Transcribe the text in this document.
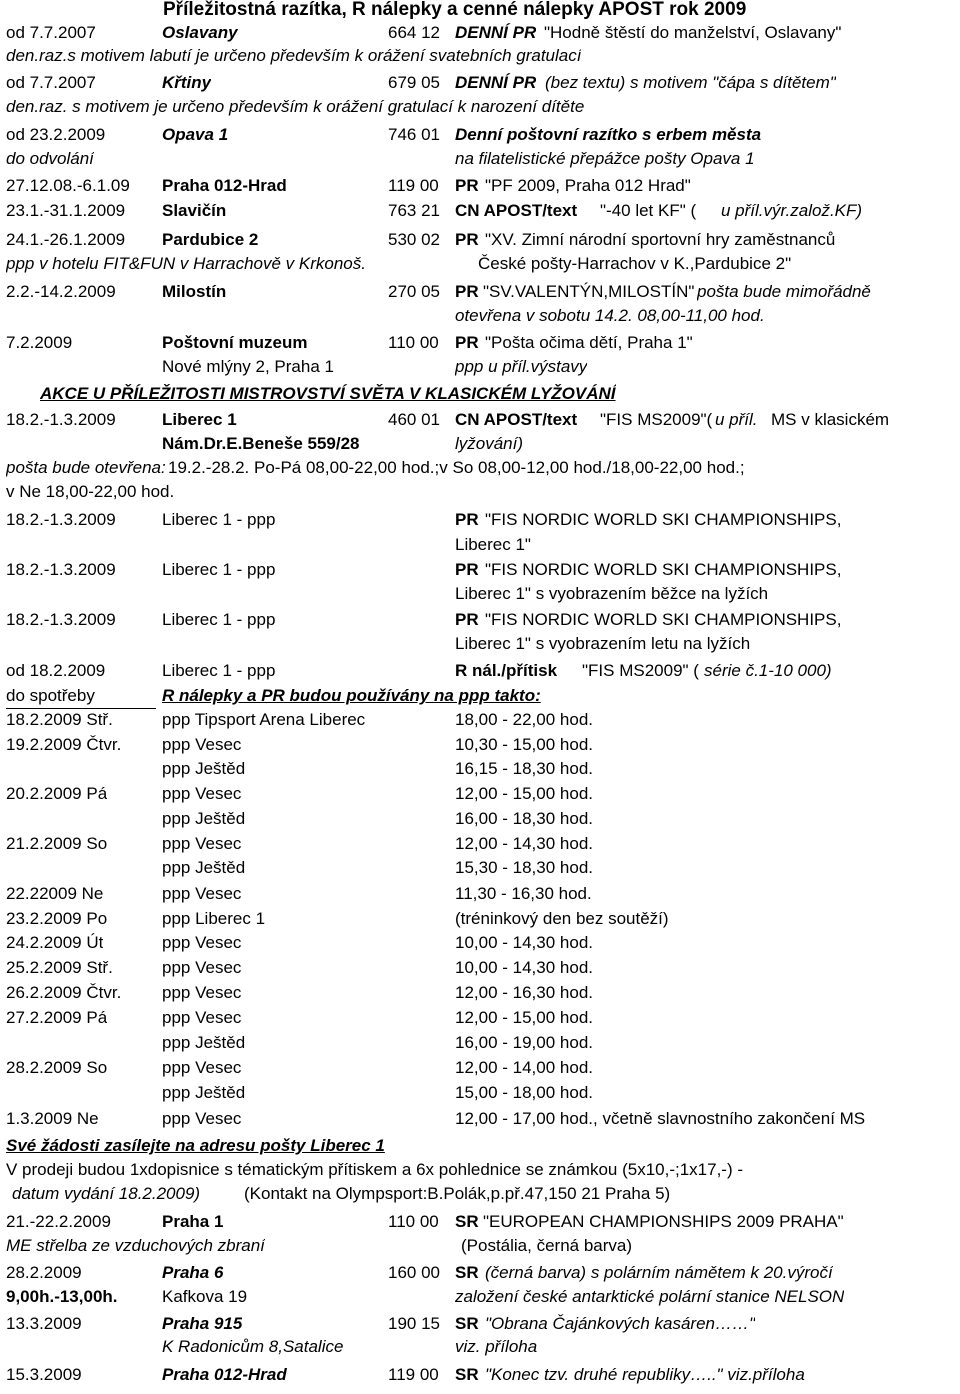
Příležitostná razítka, R nálepky a cenné nálepky APOST rok 2009
od 7.7.2007	Oslavany	664 12 DENNÍ PR "Hodně štěstí do manželství, Oslavany"
den.raz.s motivem labutí je určeno především k orážení svatebních gratulací
od 7.7.2007	Křtiny	679 05 DENNÍ PR (bez textu) s motivem "čápa s dítětem"
den.raz. s motivem je určeno především k orážení gratulací k narození dítěte
od 23.2.2009	Opava 1	746 01 Denní poštovní razítko s erbem města
do odvolání	na filatelistické přepážce pošty Opava 1
27.12.08.-6.1.09 Praha 012-Hrad	119 00 PR "PF 2009, Praha 012 Hrad"
23.1.-31.1.2009 Slavičín	763 21 CN APOST/text "-40 let KF" ( u příl.výr.založ.KF)
24.1.-26.1.2009 Pardubice 2	530 02 PR "XV. Zimní národní sportovní hry zaměstnanců
ppp v hotelu FIT&FUN v Harrachově v Krkonoš.	České pošty-Harrachov v K.,Pardubice 2"
2.2.-14.2.2009	Milostín	270 05 PR "SV.VALENTÝN,MILOSTÍN" pošta bude mimořádně
otevřena v sobotu 14.2. 08,00-11,00 hod.
7.2.2009	Poštovní muzeum	110 00 PR "Pošta očima dětí, Praha 1"
Nové mlýny 2, Praha 1	ppp u příl.výstavy
AKCE U PŘÍLEŽITOSTI MISTROVSTVÍ SVĚTA V KLASICKÉM LYŽOVÁNÍ
18.2.-1.3.2009	Liberec 1	460 01 CN APOST/text "FIS MS2009"( u příl. MS v klasickém
Nám.Dr.E.Beneše 559/28	lyžování)
pošta bude otevřena: 19.2.-28.2. Po-Pá 08,00-22,00 hod.;v So 08,00-12,00 hod./18,00-22,00 hod.;
v Ne 18,00-22,00 hod.
18.2.-1.3.2009	Liberec 1 - ppp	PR "FIS NORDIC WORLD SKI CHAMPIONSHIPS,
Liberec 1"
18.2.-1.3.2009	Liberec 1 - ppp	PR "FIS NORDIC WORLD SKI CHAMPIONSHIPS,
Liberec 1" s vyobrazením běžce na lyžích
18.2.-1.3.2009	Liberec 1 - ppp	PR "FIS NORDIC WORLD SKI CHAMPIONSHIPS,
Liberec 1" s vyobrazením letu na lyžích
od 18.2.2009	Liberec 1 - ppp	R nál./přítisk "FIS MS2009" ( série č.1-10 000)
do spotřeby	R nálepky a PR budou používány na ppp takto:
18.2.2009 Stř.	ppp Tipsport Arena Liberec	18,00 - 22,00 hod.
19.2.2009 Čtvr. ppp Vesec	10,30 - 15,00 hod.
ppp Ještěd	16,15 - 18,30 hod.
20.2.2009 Pá	ppp Vesec	12,00 - 15,00 hod.
ppp Ještěd	16,00 - 18,30 hod.
21.2.2009 So	ppp Vesec	12,00 - 14,30 hod.
ppp Ještěd	15,30 - 18,30 hod.
22.22009 Ne	ppp Vesec	11,30 - 16,30 hod.
23.2.2009 Po	ppp Liberec 1	(tréninkový den bez soutěží)
24.2.2009 Út	ppp Vesec	10,00 - 14,30 hod.
25.2.2009 Stř.	ppp Vesec	10,00 - 14,30 hod.
26.2.2009 Čtvr. ppp Vesec	12,00 - 16,30 hod.
27.2.2009 Pá	ppp Vesec	12,00 - 15,00 hod.
ppp Ještěd	16,00 - 19,00 hod.
28.2.2009 So	ppp Vesec	12,00 - 14,00 hod.
ppp Ještěd	15,00 - 18,00 hod.
1.3.2009 Ne	ppp Vesec	12,00 - 17,00 hod., včetně slavnostního zakončení MS
Své žádosti zasílejte na adresu pošty Liberec 1
V prodeji budou 1xdopisnice s tématickým přítiskem a 6x pohlednice se známkou (5x10,-;1x17,-) -
datum vydání 18.2.2009)	(Kontakt na Olympsport:B.Polák,p.př.47,150 21 Praha 5)
21.-22.2.2009	Praha 1	110 00 SR "EUROPEAN CHAMPIONSHIPS 2009 PRAHA"
ME střelba ze vzduchových zbraní	(Postália, černá barva)
28.2.2009	Praha 6	160 00 SR (černá barva) s polárním námětem k 20.výročí
9,00h.-13,00h.	Kafkova 19	založení české antarktické polární stanice NELSON
13.3.2009	Praha 915	190 15 SR "Obrana Čajánkových kasáren……"
K Radonicům 8,Satalice	viz. příloha
15.3.2009	Praha 012-Hrad	119 00 SR "Konec tzv. druhé republiky….." viz.příloha
